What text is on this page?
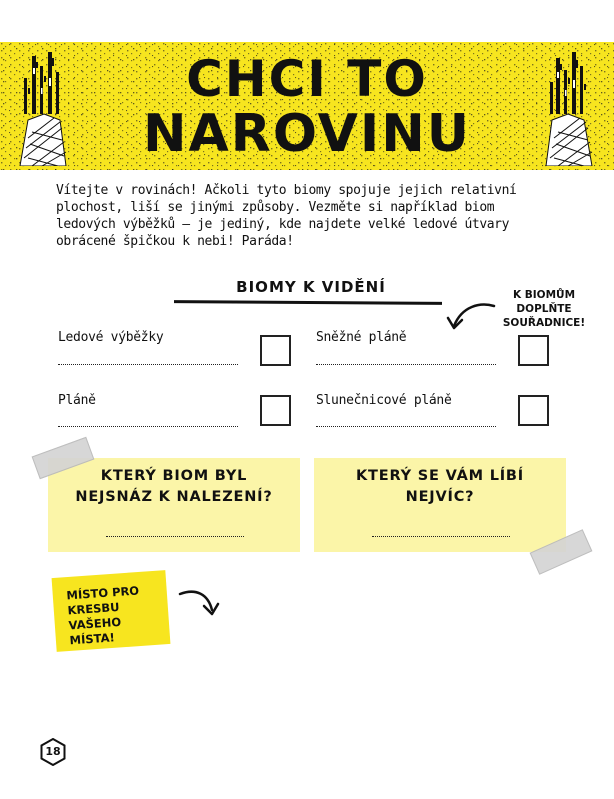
CHCI TO
NAROVINU
Vítejte v rovinách! Ačkoli tyto biomy spojuje jejich relativní plochost, liší se jinými způsoby. Vezměte si například biom ledových výběžků – je jediný, kde najdete velké ledové útvary obrácené špičkou k nebi! Paráda!
BIOMY K VIDĚNÍ	K BIOMŮM
DOPLŇTE
SOUŘADNICE!
Ledové výběžky	Sněžné pláně
Pláně	Slunečnicové pláně
KTERÝ BIOM BYL
NEJSNÁZ K NALEZENÍ?
KTERÝ SE VÁM LÍBÍ
NEJVÍC?
MÍSTO PRO
KRESBU
VAŠEHO MÍSTA!
18
